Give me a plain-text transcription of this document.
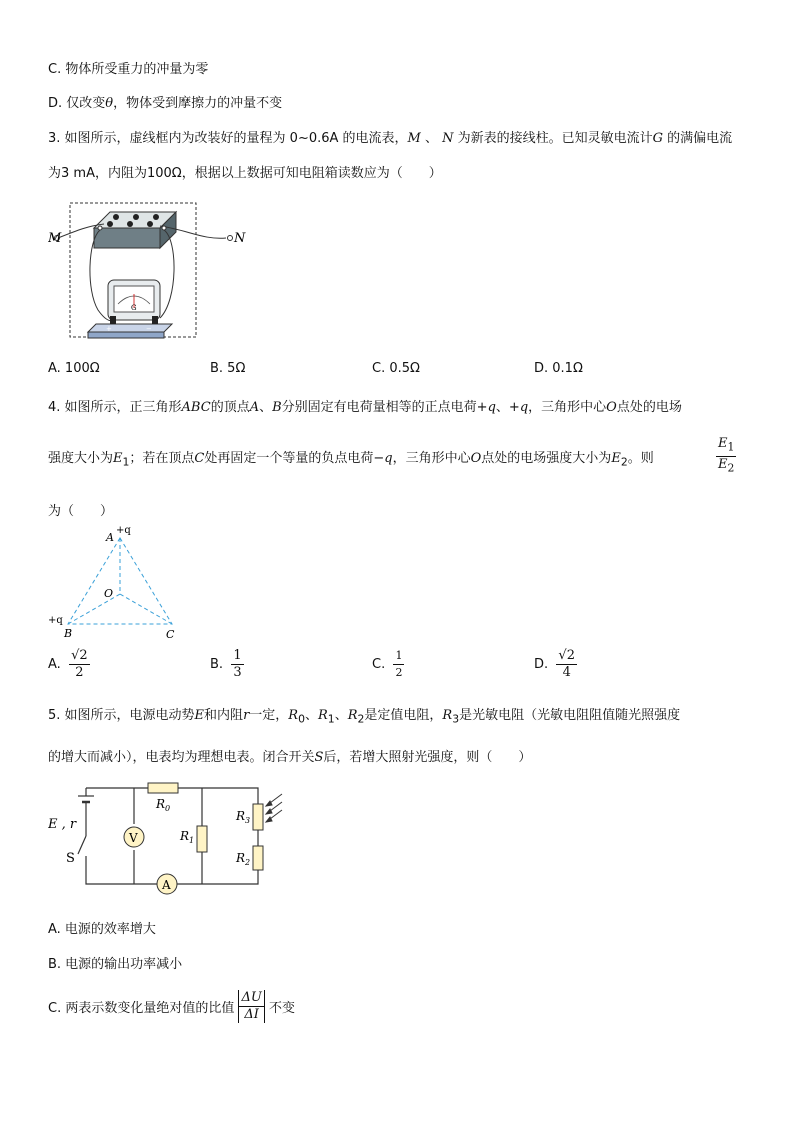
C. 物体所受重力的冲量为零
D. 仅改变θ，物体受到摩擦力的冲量不变
3. 如图所示，虚线框内为改装好的量程为 0~0.6A 的电流表，M 、 N 为新表的接线柱。已知灵敏电流计G 的满偏电流
为3 mA，内阻为100Ω，根据以上数据可知电阻箱读数应为（　　）
M	N
G
+	−
A. 100Ω	B. 5Ω	C. 0.5Ω	D. 0.1Ω
4. 如图所示，正三角形ABC的顶点A、B分别固定有电荷量相等的正点电荷+q、+q，三角形中心O点处的电场
强度大小为$E_1$；若在顶点C处再固定一个等量的负点电荷−q，三角形中心O点处的电场强度大小为$E_2$。则	$\frac{E_1}{E_2}$
为（　　）
+q
A
+q
B	C
O
A. $\frac{√2}{2}$	B. $\frac{1}{3}$	C. $\frac{1}{2}$	D. $\frac{√2}{4}$
5. 如图所示，电源电动势E和内阻r一定，$R_0$、$R_1$、$R_2$是定值电阻，$R_3$是光敏电阻（光敏电阻阻值随光照强度
的增大而减小），电表均为理想电表。闭合开关S后，若增大照射光强度，则（　　）
V
A
E , r
S
$R_0$
$R_1$
$R_3$
$R_2$
A. 电源的效率增大
B. 电源的输出功率减小
C. 两表示数变化量绝对值的比值 $\frac{\Delta U}{\Delta I}$ 不变
